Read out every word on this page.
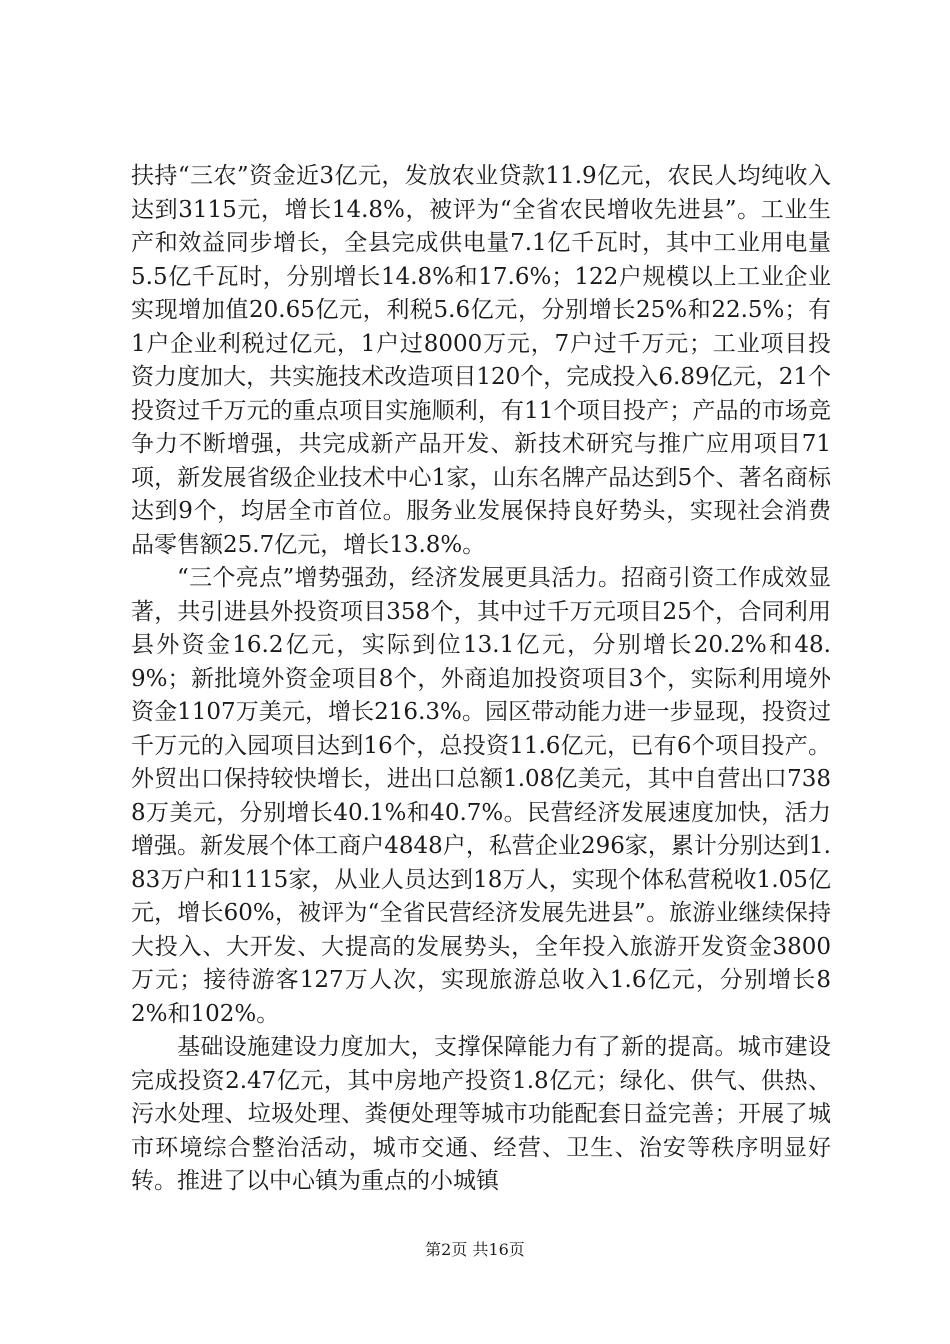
扶持“三农”资金近3亿元，发放农业贷款11.9亿元，农民人均纯收入达到3115元，增长14.8%，被评为“全省农民增收先进县”。工业生产和效益同步增长，全县完成供电量7.1亿千瓦时，其中工业用电量5.5亿千瓦时，分别增长14.8%和17.6%；122户规模以上工业企业实现增加值20.65亿元，利税5.6亿元，分别增长25%和22.5%；有1户企业利税过亿元，1户过8000万元，7户过千万元；工业项目投资力度加大，共实施技术改造项目120个，完成投入6.89亿元，21个投资过千万元的重点项目实施顺利，有11个项目投产；产品的市场竞争力不断增强，共完成新产品开发、新技术研究与推广应用项目71项，新发展省级企业技术中心1家，山东名牌产品达到5个、著名商标达到9个，均居全市首位。服务业发展保持良好势头，实现社会消费品零售额25.7亿元，增长13.8%。

“三个亮点”增势强劲，经济发展更具活力。招商引资工作成效显著，共引进县外投资项目358个，其中过千万元项目25个，合同利用县外资金16.2亿元，实际到位13.1亿元，分别增长20.2%和48.9%；新批境外资金项目8个，外商追加投资项目3个，实际利用境外资金1107万美元，增长216.3%。园区带动能力进一步显现，投资过千万元的入园项目达到16个，总投资11.6亿元，已有6个项目投产。外贸出口保持较快增长，进出口总额1.08亿美元，其中自营出口7388万美元，分别增长40.1%和40.7%。民营经济发展速度加快，活力增强。新发展个体工商户4848户，私营企业296家，累计分别达到1.83万户和1115家，从业人员达到18万人，实现个体私营税收1.05亿元，增长60%，被评为“全省民营经济发展先进县”。旅游业继续保持大投入、大开发、大提高的发展势头，全年投入旅游开发资金3800万元；接待游客127万人次，实现旅游总收入1.6亿元，分别增长82%和102%。

基础设施建设力度加大，支撑保障能力有了新的提高。城市建设完成投资2.47亿元，其中房地产投资1.8亿元；绿化、供气、供热、污水处理、垃圾处理、粪便处理等城市功能配套日益完善；开展了城市环境综合整治活动，城市交通、经营、卫生、治安等秩序明显好转。推进了以中心镇为重点的小城镇

第2页 共16页
